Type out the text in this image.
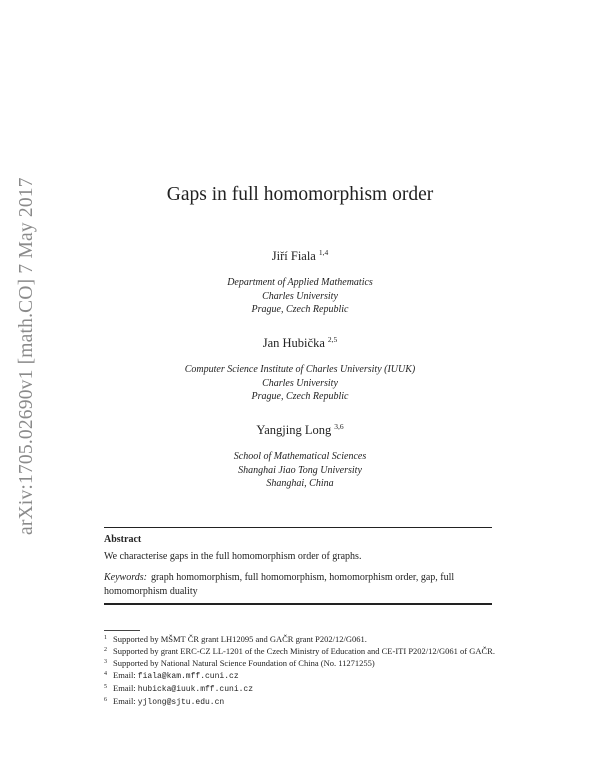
arXiv:1705.02690v1 [math.CO] 7 May 2017	Gaps in full homomorphism order
Jiří Fiala $^{1,4}$
Department of Applied Mathematics
Charles University
Prague, Czech Republic
Jan Hubička $^{2,5}$
Computer Science Institute of Charles University (IUUK)
Charles University
Prague, Czech Republic
Yangjing Long $^{3,6}$
School of Mathematical Sciences
Shanghai Jiao Tong University
Shanghai, China
Abstract
We characterise gaps in the full homomorphism order of graphs.
Keywords: graph homomorphism, full homomorphism, homomorphism order, gap, full homomorphism duality
$^1$ Supported by MŠMT ČR grant LH12095 and GAČR grant P202/12/G061.
$^2$ Supported by grant ERC-CZ LL-1201 of the Czech Ministry of Education and CE-ITI P202/12/G061 of GAČR.
$^3$ Supported by National Natural Science Foundation of China (No. 11271255)
$^4$ Email: fiala@kam.mff.cuni.cz
$^5$ Email: hubicka@iuuk.mff.cuni.cz
$^6$ Email: yjlong@sjtu.edu.cn
